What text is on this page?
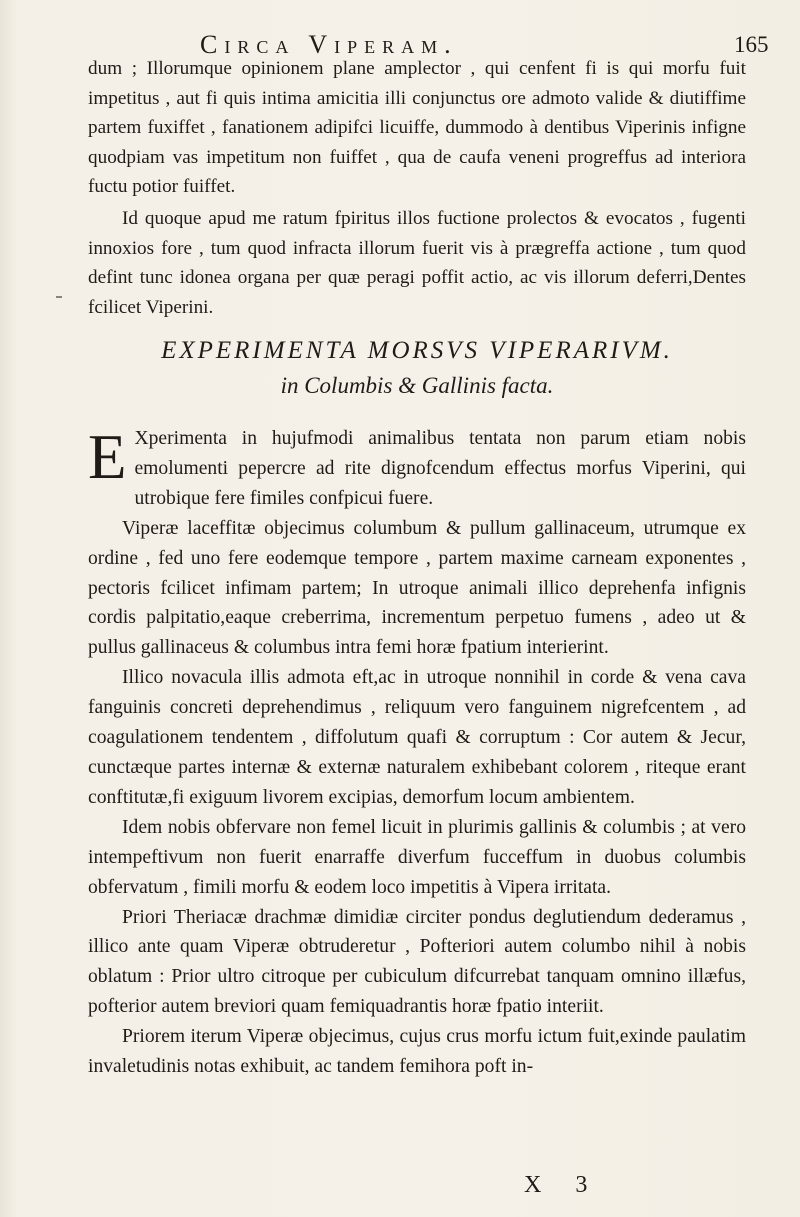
Circa Viperam.	165
dum ; Illorumque opinionem plane amplector , qui cenfent fi is qui morfu fuit impetitus , aut fi quis intima amicitia illi conjunctus ore admoto valide & diutiffime partem fuxiffet , fanationem adipifci licuiffe, dummodo à dentibus Viperinis infigne quodpiam vas impetitum non fuiffet , qua de caufa veneni progreffus ad interiora fuctu potior fuiffet.
Id quoque apud me ratum fpiritus illos fuctione prolectos & evocatos , fugenti innoxios fore , tum quod infracta illorum fuerit vis à prægreffa actione , tum quod defint tunc idonea organa per quæ peragi poffit actio, ac vis illorum deferri,Dentes fcilicet Viperini.
EXPERIMENTA MORSVS VIPERARIVM.
in Columbis & Gallinis facta.
E Xperimenta in hujufmodi animalibus tentata non parum etiam nobis emolumenti pepercre ad rite dignofcendum effectus morfus Viperini, qui utrobique fere fimiles confpicui fuere.

Viperæ laceffitæ objecimus columbum & pullum gallinaceum, utrumque ex ordine , fed uno fere eodemque tempore , partem maxime carneam exponentes , pectoris fcilicet infimam partem; In utroque animali illico deprehenfa infignis cordis palpitatio,eaque creberrima, incrementum perpetuo fumens , adeo ut & pullus gallinaceus & columbus intra femi horæ fpatium interierint.

Illico novacula illis admota eft,ac in utroque nonnihil in corde & vena cava fanguinis concreti deprehendimus , reliquum vero fanguinem nigrefcentem , ad coagulationem tendentem , diffolutum quafi & corruptum : Cor autem & Jecur, cunctæque partes internæ & externæ naturalem exhibebant colorem , riteque erant conftitutæ,fi exiguum livorem excipias, demorfum locum ambientem.

Idem nobis obfervare non femel licuit in plurimis gallinis & columbis ; at vero intempeftivum non fuerit enarraffe diverfum fucceffum in duobus columbis obfervatum , fimili morfu & eodem loco impetitis à Vipera irritata.

Priori Theriacæ drachmæ dimidiæ circiter pondus deglutiendum dederamus , illico ante quam Viperæ obtruderetur , Pofteriori autem columbo nihil à nobis oblatum : Prior ultro citroque per cubiculum difcurrebat tanquam omnino illæfus, pofterior autem breviori quam femiquadrantis horæ fpatio interiit.

Priorem iterum Viperæ objecimus, cujus crus morfu ictum fuit,exinde paulatim invaletudinis notas exhibuit, ac tandem femihora poft in-

X 3
